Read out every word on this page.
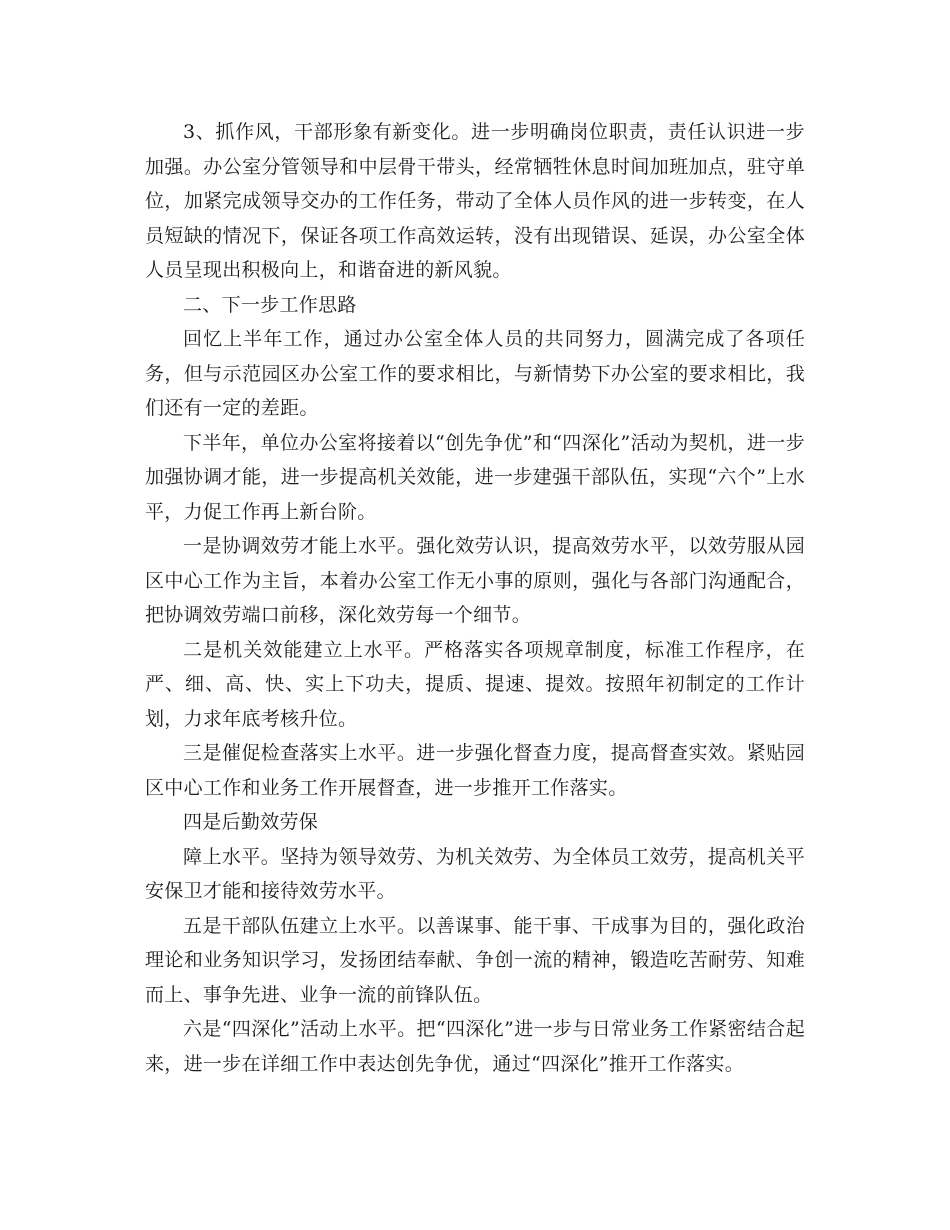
3、抓作风，干部形象有新变化。进一步明确岗位职责，责任认识进一步加强。办公室分管领导和中层骨干带头，经常牺牲休息时间加班加点，驻守单位，加紧完成领导交办的工作任务，带动了全体人员作风的进一步转变，在人员短缺的情况下，保证各项工作高效运转，没有出现错误、延误，办公室全体人员呈现出积极向上，和谐奋进的新风貌。

二、下一步工作思路

回忆上半年工作，通过办公室全体人员的共同努力，圆满完成了各项任务，但与示范园区办公室工作的要求相比，与新情势下办公室的要求相比，我们还有一定的差距。

下半年，单位办公室将接着以“创先争优”和“四深化”活动为契机，进一步加强协调才能，进一步提高机关效能，进一步建强干部队伍，实现“六个”上水平，力促工作再上新台阶。

一是协调效劳才能上水平。强化效劳认识，提高效劳水平，以效劳服从园区中心工作为主旨，本着办公室工作无小事的原则，强化与各部门沟通配合，把协调效劳端口前移，深化效劳每一个细节。

二是机关效能建立上水平。严格落实各项规章制度，标准工作程序，在严、细、高、快、实上下功夫，提质、提速、提效。按照年初制定的工作计划，力求年底考核升位。

三是催促检查落实上水平。进一步强化督查力度，提高督查实效。紧贴园区中心工作和业务工作开展督查，进一步推开工作落实。

四是后勤效劳保

障上水平。坚持为领导效劳、为机关效劳、为全体员工效劳，提高机关平安保卫才能和接待效劳水平。

五是干部队伍建立上水平。以善谋事、能干事、干成事为目的，强化政治理论和业务知识学习，发扬团结奉献、争创一流的精神，锻造吃苦耐劳、知难而上、事争先进、业争一流的前锋队伍。

六是“四深化”活动上水平。把“四深化”进一步与日常业务工作紧密结合起来，进一步在详细工作中表达创先争优，通过“四深化”推开工作落实。
